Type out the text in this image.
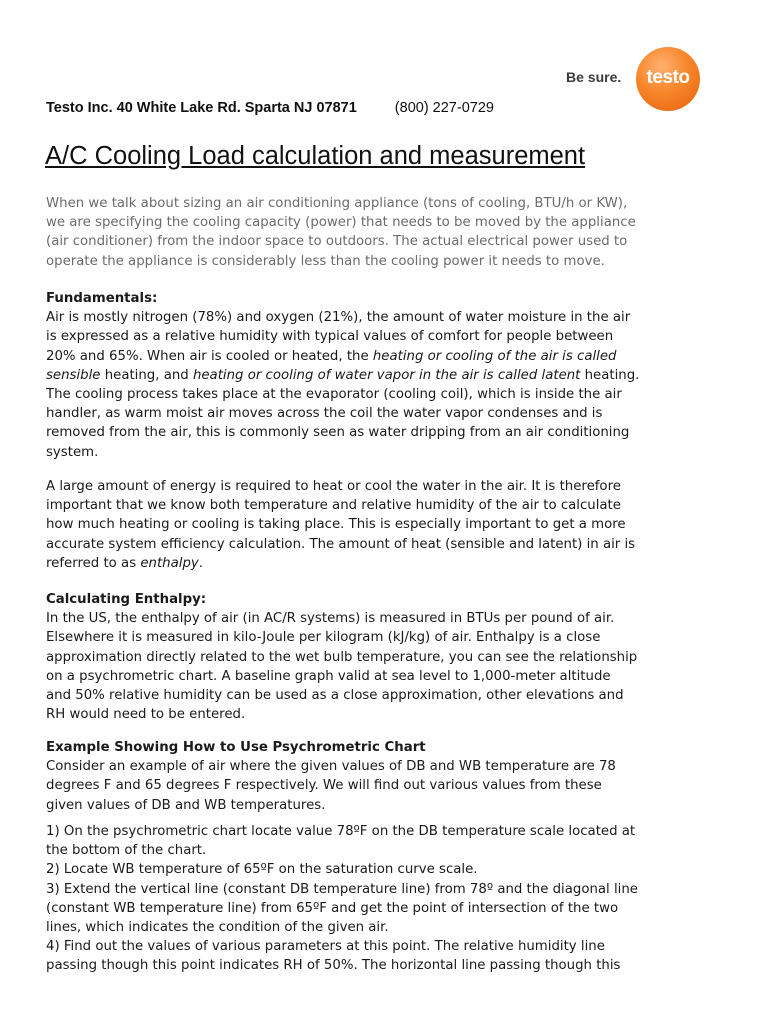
Be sure.	testo
Testo Inc. 40 White Lake Rd. Sparta NJ 07871	(800) 227-0729
A/C Cooling Load calculation and measurement
When we talk about sizing an air conditioning appliance (tons of cooling, BTU/h or KW),
we are specifying the cooling capacity (power) that needs to be moved by the appliance
(air conditioner) from the indoor space to outdoors. The actual electrical power used to
operate the appliance is considerably less than the cooling power it needs to move.

Fundamentals:

Air is mostly nitrogen (78%) and oxygen (21%), the amount of water moisture in the air

is expressed as a relative humidity with typical values of comfort for people between

20% and 65%. When air is cooled or heated, the heating or cooling of the air is called

sensible heating, and heating or cooling of water vapor in the air is called latent heating.

The cooling process takes place at the evaporator (cooling coil), which is inside the air

handler, as warm moist air moves across the coil the water vapor condenses and is

removed from the air, this is commonly seen as water dripping from an air conditioning

system.

A large amount of energy is required to heat or cool the water in the air. It is therefore

important that we know both temperature and relative humidity of the air to calculate

how much heating or cooling is taking place. This is especially important to get a more

accurate system efficiency calculation. The amount of heat (sensible and latent) in air is

referred to as enthalpy.

Calculating Enthalpy:

In the US, the enthalpy of air (in AC/R systems) is measured in BTUs per pound of air.

Elsewhere it is measured in kilo-Joule per kilogram (kJ/kg) of air. Enthalpy is a close

approximation directly related to the wet bulb temperature, you can see the relationship

on a psychrometric chart. A baseline graph valid at sea level to 1,000-meter altitude

and 50% relative humidity can be used as a close approximation, other elevations and

RH would need to be entered.

Example Showing How to Use Psychrometric Chart

Consider an example of air where the given values of DB and WB temperature are 78

degrees F and 65 degrees F respectively. We will find out various values from these

given values of DB and WB temperatures.

1) On the psychrometric chart locate value 78ºF on the DB temperature scale located at

the bottom of the chart.

2) Locate WB temperature of 65ºF on the saturation curve scale.

3) Extend the vertical line (constant DB temperature line) from 78º and the diagonal line

(constant WB temperature line) from 65ºF and get the point of intersection of the two

lines, which indicates the condition of the given air.

4) Find out the values of various parameters at this point. The relative humidity line

passing though this point indicates RH of 50%. The horizontal line passing though this
